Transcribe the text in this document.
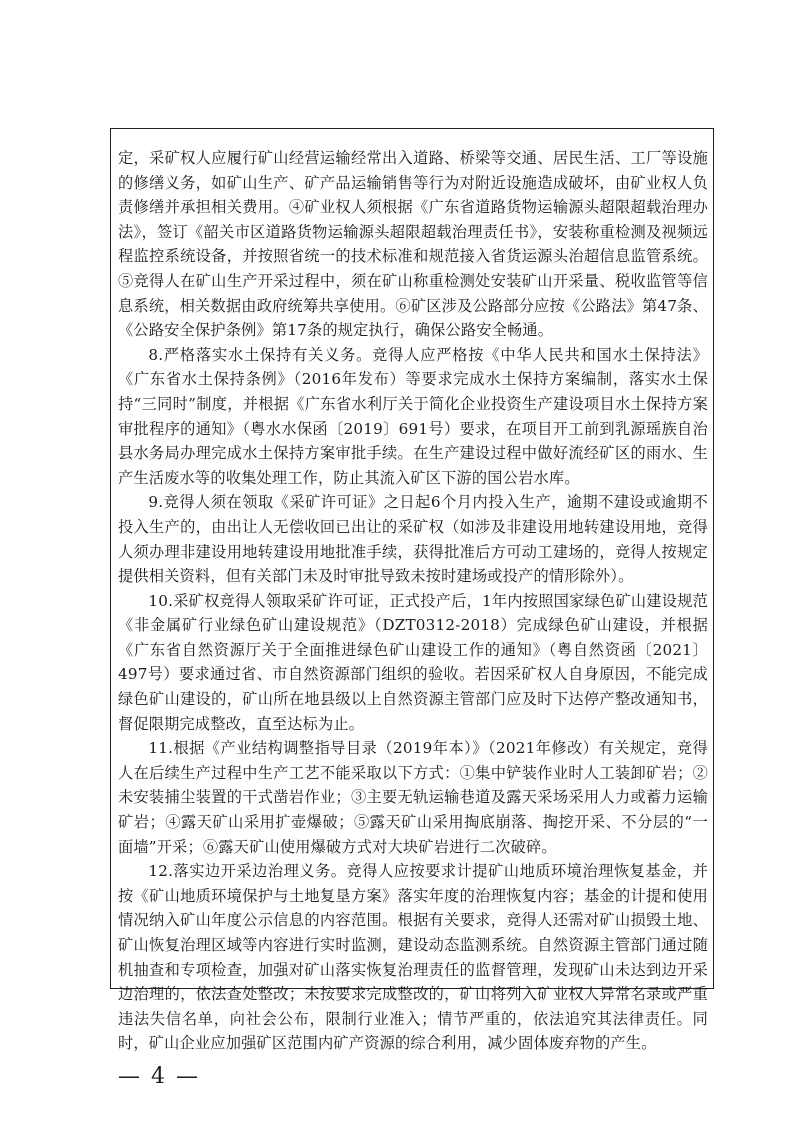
定，采矿权人应履行矿山经营运输经常出入道路、桥梁等交通、居民生活、工厂等设施的修缮义务，如矿山生产、矿产品运输销售等行为对附近设施造成破坏，由矿业权人负责修缮并承担相关费用。④矿业权人须根据《广东省道路货物运输源头超限超载治理办法》，签订《韶关市区道路货物运输源头超限超载治理责任书》，安装称重检测及视频远程监控系统设备，并按照省统一的技术标准和规范接入省货运源头治超信息监管系统。⑤竞得人在矿山生产开采过程中，须在矿山称重检测处安装矿山开采量、税收监管等信息系统，相关数据由政府统筹共享使用。⑥矿区涉及公路部分应按《公路法》第47条、《公路安全保护条例》第17条的规定执行，确保公路安全畅通。

8.严格落实水土保持有关义务。竞得人应严格按《中华人民共和国水土保持法》《广东省水土保持条例》（2016年发布）等要求完成水土保持方案编制，落实水土保持“三同时”制度，并根据《广东省水利厅关于简化企业投资生产建设项目水土保持方案审批程序的通知》（粤水水保函〔2019〕691号）要求，在项目开工前到乳源瑶族自治县水务局办理完成水土保持方案审批手续。在生产建设过程中做好流经矿区的雨水、生产生活废水等的收集处理工作，防止其流入矿区下游的国公岩水库。

9.竞得人须在领取《采矿许可证》之日起6个月内投入生产，逾期不建设或逾期不投入生产的，由出让人无偿收回已出让的采矿权（如涉及非建设用地转建设用地，竞得人须办理非建设用地转建设用地批准手续，获得批准后方可动工建场的，竞得人按规定提供相关资料，但有关部门未及时审批导致未按时建场或投产的情形除外）。

10.采矿权竞得人领取采矿许可证，正式投产后，1年内按照国家绿色矿山建设规范《非金属矿行业绿色矿山建设规范》（DZT0312-2018）完成绿色矿山建设，并根据《广东省自然资源厅关于全面推进绿色矿山建设工作的通知》（粤自然资函〔2021〕497号）要求通过省、市自然资源部门组织的验收。若因采矿权人自身原因，不能完成绿色矿山建设的，矿山所在地县级以上自然资源主管部门应及时下达停产整改通知书，督促限期完成整改，直至达标为止。

11.根据《产业结构调整指导目录（2019年本）》（2021年修改）有关规定，竞得人在后续生产过程中生产工艺不能采取以下方式：①集中铲装作业时人工装卸矿岩；②未安装捕尘装置的干式凿岩作业；③主要无轨运输巷道及露天采场采用人力或蓄力运输矿岩；④露天矿山采用扩壶爆破；⑤露天矿山采用掏底崩落、掏挖开采、不分层的“一面墙”开采；⑥露天矿山使用爆破方式对大块矿岩进行二次破碎。

12.落实边开采边治理义务。竞得人应按要求计提矿山地质环境治理恢复基金，并按《矿山地质环境保护与土地复垦方案》落实年度的治理恢复内容；基金的计提和使用情况纳入矿山年度公示信息的内容范围。根据有关要求，竞得人还需对矿山损毁土地、矿山恢复治理区域等内容进行实时监测，建设动态监测系统。自然资源主管部门通过随机抽查和专项检查，加强对矿山落实恢复治理责任的监督管理，发现矿山未达到边开采边治理的，依法查处整改；未按要求完成整改的，矿山将列入矿业权人异常名录或严重违法失信名单，向社会公布，限制行业准入；情节严重的，依法追究其法律责任。同时，矿山企业应加强矿区范围内矿产资源的综合利用，减少固体废弃物的产生。

— 4 —
